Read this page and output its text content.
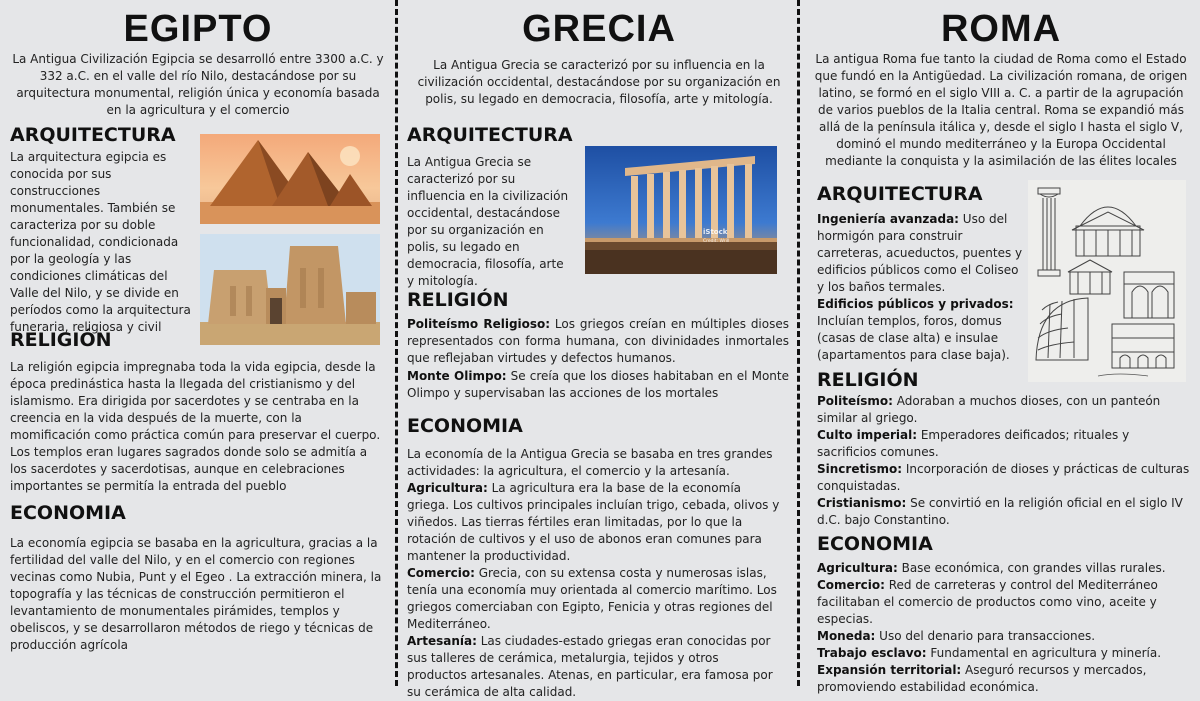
EGIPTO

La Antigua Civilización Egipcia se desarrolló entre 3300 a.C. y 332 a.C. en el valle del río Nilo, destacándose por su arquitectura monumental, religión única y economía basada en la agricultura y el comercio

ARQUITECTURA

La arquitectura egipcia es conocida por sus construcciones monumentales. También se caracteriza por su doble funcionalidad, condicionada por la geología y las condiciones climáticas del Valle del Nilo, y se divide en períodos como la arquitectura funeraria, religiosa y civil

RELIGIÓN

La religión egipcia impregnaba toda la vida egipcia, desde la época predinástica hasta la llegada del cristianismo y del islamismo. Era dirigida por sacerdotes y se centraba en la creencia en la vida después de la muerte, con la momificación como práctica común para preservar el cuerpo. Los templos eran lugares sagrados donde solo se admitía a los sacerdotes y sacerdotisas, aunque en celebraciones importantes se permitía la entrada del pueblo

ECONOMIA

La economía egipcia se basaba en la agricultura, gracias a la fertilidad del valle del Nilo, y en el comercio con regiones vecinas como Nubia, Punt y el Egeo . La extracción minera, la topografía y las técnicas de construcción permitieron el levantamiento de monumentales pirámides, templos y obeliscos, y se desarrollaron métodos de riego y técnicas de producción agrícola

GRECIA

La Antigua Grecia se caracterizó por su influencia en la civilización occidental, destacándose por su organización en polis, su legado en democracia, filosofía, arte y mitología.

ARQUITECTURA

La Antigua Grecia se caracterizó por su influencia en la civilización occidental, destacándose por su organización en polis, su legado en democracia, filosofía, arte y mitología.

iStock
Credit: Wrill
RELIGIÓN

Politeísmo Religioso: Los griegos creían en múltiples dioses representados con forma humana, con divinidades inmortales que reflejaban virtudes y defectos humanos.

Monte Olimpo: Se creía que los dioses habitaban en el Monte Olimpo y supervisaban las acciones de los mortales

ECONOMIA

La economía de la Antigua Grecia se basaba en tres grandes actividades: la agricultura, el comercio y la artesanía.

Agricultura: La agricultura era la base de la economía griega. Los cultivos principales incluían trigo, cebada, olivos y viñedos. Las tierras fértiles eran limitadas, por lo que la rotación de cultivos y el uso de abonos eran comunes para mantener la productividad.

Comercio: Grecia, con su extensa costa y numerosas islas, tenía una economía muy orientada al comercio marítimo. Los griegos comerciaban con Egipto, Fenicia y otras regiones del Mediterráneo.

Artesanía: Las ciudades-estado griegas eran conocidas por sus talleres de cerámica, metalurgia, tejidos y otros productos artesanales. Atenas, en particular, era famosa por su cerámica de alta calidad.

ROMA

La antigua Roma fue tanto la ciudad de Roma como el Estado que fundó en la Antigüedad. La civilización romana, de origen latino, se formó en el siglo VIII a. C. a partir de la agrupación de varios pueblos de la Italia central. Roma se expandió más allá de la península itálica y, desde el siglo I hasta el siglo V, dominó el mundo mediterráneo y la Europa Occidental mediante la conquista y la asimilación de las élites locales

ARQUITECTURA

Ingeniería avanzada: Uso del hormigón para construir carreteras, acueductos, puentes y edificios públicos como el Coliseo y los baños termales.

Edificios públicos y privados: Incluían templos, foros, domus (casas de clase alta) e insulae (apartamentos para clase baja).

RELIGIÓN

Politeísmo: Adoraban a muchos dioses, con un panteón similar al griego.

Culto imperial: Emperadores deificados; rituales y sacrificios comunes.

Sincretismo: Incorporación de dioses y prácticas de culturas conquistadas.

Cristianismo: Se convirtió en la religión oficial en el siglo IV d.C. bajo Constantino.

ECONOMIA

Agricultura: Base económica, con grandes villas rurales.

Comercio: Red de carreteras y control del Mediterráneo facilitaban el comercio de productos como vino, aceite y especias.

Moneda: Uso del denario para transacciones.

Trabajo esclavo: Fundamental en agricultura y minería.

Expansión territorial: Aseguró recursos y mercados, promoviendo estabilidad económica.
